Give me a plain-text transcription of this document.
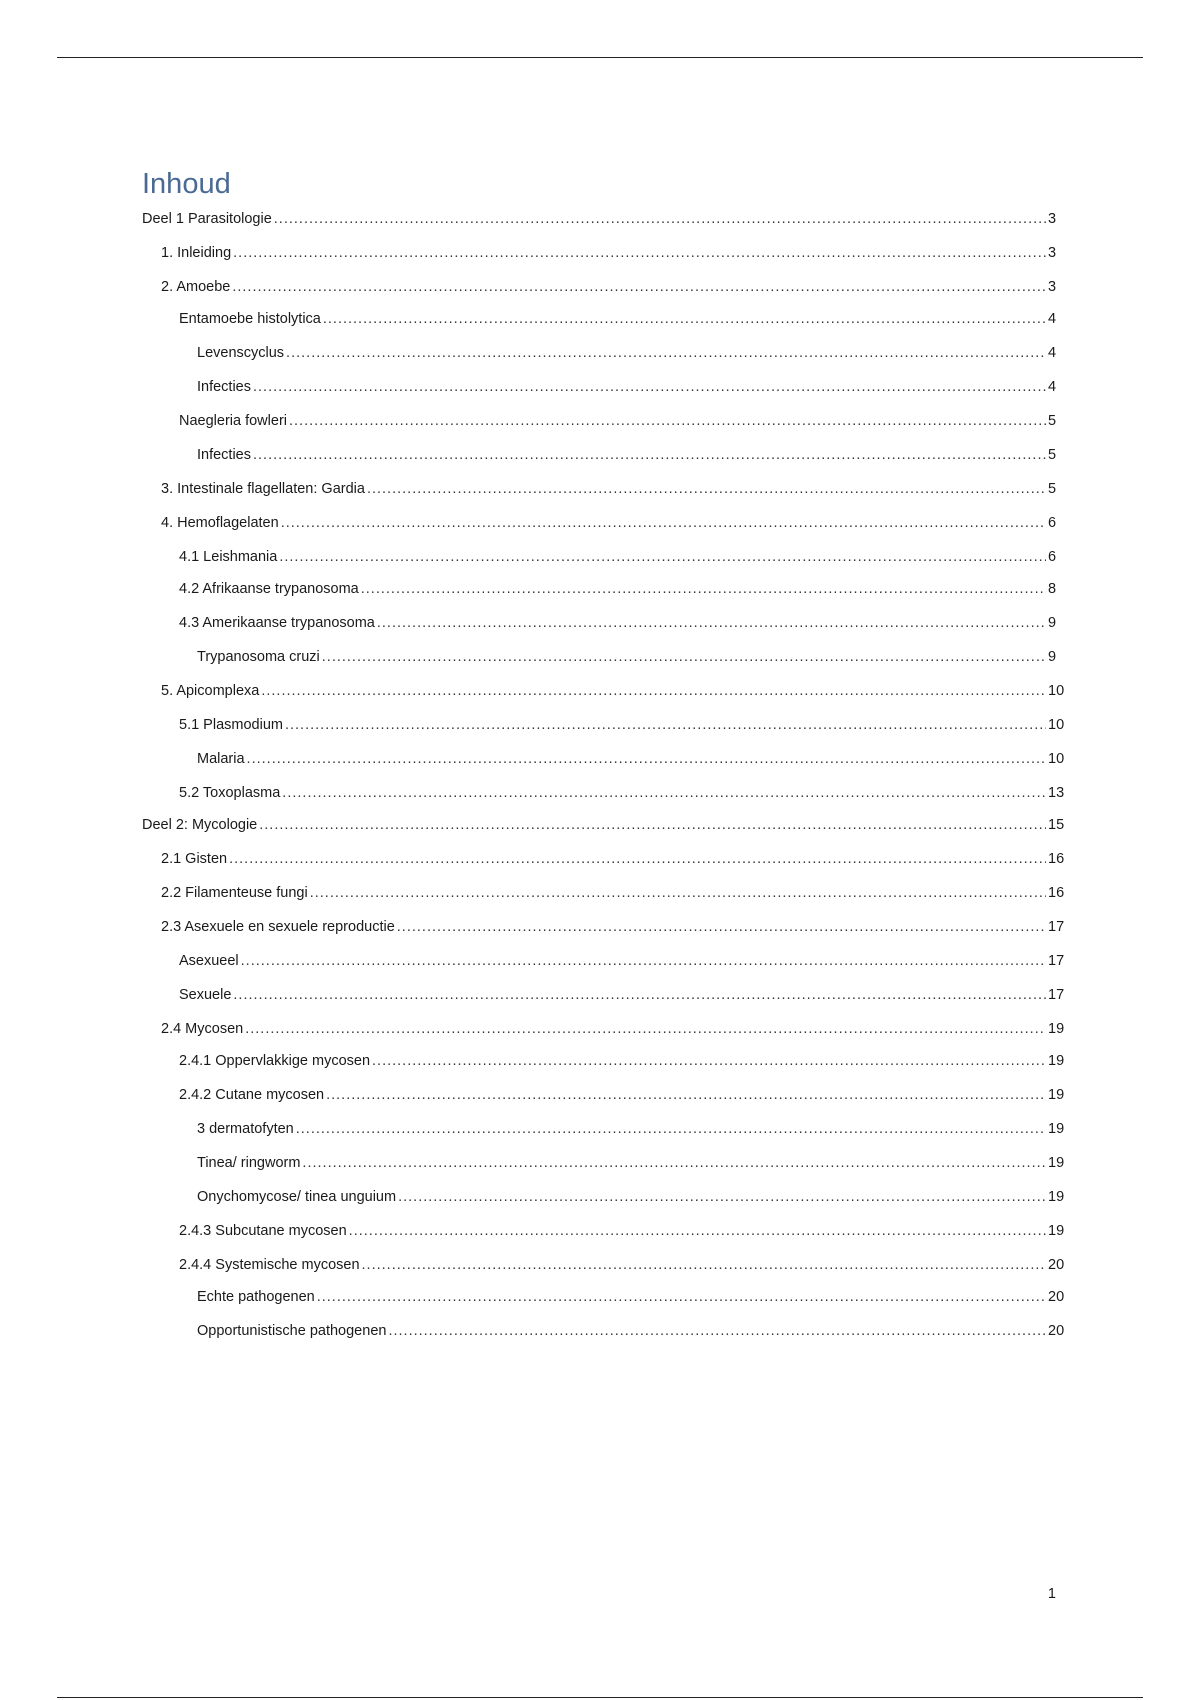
Inhoud
Deel 1 Parasitologie .....	3
1. Inleiding .....	3
2. Amoebe .....	3
Entamoebe histolytica .....	4
Levenscyclus .....	4
Infecties .....	4
Naegleria fowleri .....	5
Infecties .....	5
3. Intestinale flagellaten: Gardia .....	5
4. Hemoflagelaten .....	6
4.1 Leishmania .....	6
4.2 Afrikaanse trypanosoma .....	8
4.3 Amerikaanse trypanosoma .....	9
Trypanosoma cruzi .....	9
5. Apicomplexa .....	10
5.1 Plasmodium .....	10
Malaria .....	10
5.2 Toxoplasma .....	13
Deel 2: Mycologie .....	15
2.1 Gisten .....	16
2.2 Filamenteuse fungi .....	16
2.3 Asexuele en sexuele reproductie .....	17
Asexueel .....	17
Sexuele .....	17
2.4 Mycosen .....	19
2.4.1 Oppervlakkige mycosen .....	19
2.4.2 Cutane mycosen .....	19
3 dermatofyten .....	19
Tinea/ ringworm .....	19
Onychomycose/ tinea unguium .....	19
2.4.3 Subcutane mycosen .....	19
2.4.4 Systemische mycosen .....	20
Echte pathogenen .....	20
Opportunistische pathogenen .....	20
1
